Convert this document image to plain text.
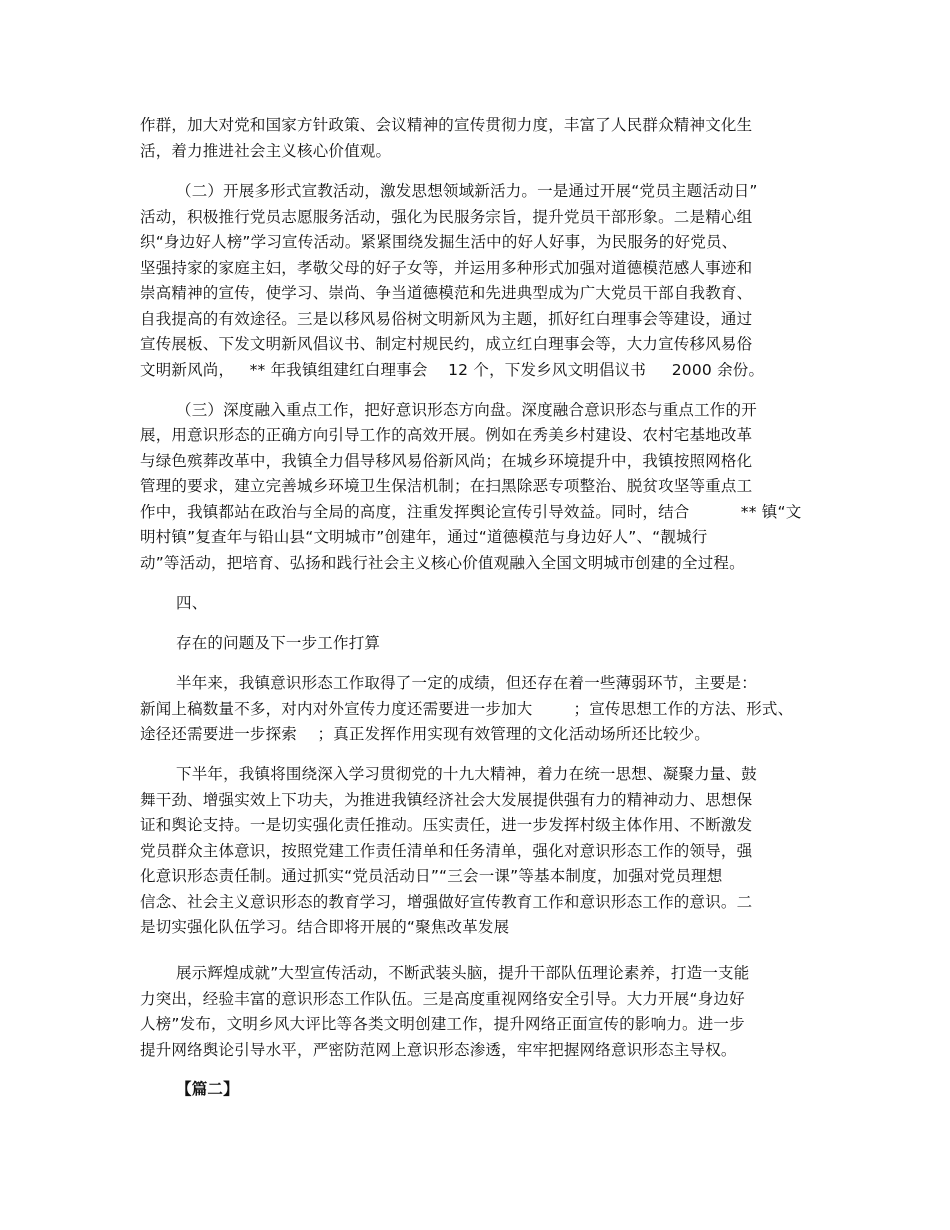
作群，加大对党和国家方针政策、会议精神的宣传贯彻力度，丰富了人民群众精神文化生
活，着力推进社会主义核心价值观。
（二）开展多形式宣教活动，激发思想领域新活力。一是通过开展“党员主题活动日”
活动，积极推行党员志愿服务活动，强化为民服务宗旨，提升党员干部形象。二是精心组
织“身边好人榜”学习宣传活动。紧紧围绕发掘生活中的好人好事，为民服务的好党员、
坚强持家的家庭主妇，孝敬父母的好子女等，并运用多种形式加强对道德模范感人事迹和
崇高精神的宣传，使学习、崇尚、争当道德模范和先进典型成为广大党员干部自我教育、
自我提高的有效途径。三是以移风易俗树文明新风为主题，抓好红白理事会等建设，通过
宣传展板、下发文明新风倡议书、制定村规民约，成立红白理事会等，大力宣传移风易俗
文明新风尚，   ** 年我镇组建红白理事会    12 个，下发乡风文明倡议书     2000 余份。
（三）深度融入重点工作，把好意识形态方向盘。深度融合意识形态与重点工作的开
展，用意识形态的正确方向引导工作的高效开展。例如在秀美乡村建设、农村宅基地改革
与绿色殡葬改革中，我镇全力倡导移风易俗新风尚；在城乡环境提升中，我镇按照网格化
管理的要求，建立完善城乡环境卫生保洁机制；在扫黑除恶专项整治、脱贫攻坚等重点工
作中，我镇都站在政治与全局的高度，注重发挥舆论宣传引导效益。同时，结合          ** 镇“文
明村镇”复查年与铅山县“文明城市”创建年，通过“道德模范与身边好人”、“靓城行
动”等活动，把培育、弘扬和践行社会主义核心价值观融入全国文明城市创建的全过程。
四、
存在的问题及下一步工作打算
半年来，我镇意识形态工作取得了一定的成绩，但还存在着一些薄弱环节，主要是：
新闻上稿数量不多，对内对外宣传力度还需要进一步加大        ；宣传思想工作的方法、形式、
途径还需要进一步探索    ；真正发挥作用实现有效管理的文化活动场所还比较少。
下半年，我镇将围绕深入学习贯彻党的十九大精神，着力在统一思想、凝聚力量、鼓
舞干劲、增强实效上下功夫，为推进我镇经济社会大发展提供强有力的精神动力、思想保
证和舆论支持。一是切实强化责任推动。压实责任，进一步发挥村级主体作用、不断激发
党员群众主体意识，按照党建工作责任清单和任务清单，强化对意识形态工作的领导，强
化意识形态责任制。通过抓实“党员活动日”“三会一课”等基本制度，加强对党员理想
信念、社会主义意识形态的教育学习，增强做好宣传教育工作和意识形态工作的意识。二
是切实强化队伍学习。结合即将开展的“聚焦改革发展
展示辉煌成就”大型宣传活动，不断武装头脑，提升干部队伍理论素养，打造一支能
力突出，经验丰富的意识形态工作队伍。三是高度重视网络安全引导。大力开展“身边好
人榜”发布，文明乡风大评比等各类文明创建工作，提升网络正面宣传的影响力。进一步
提升网络舆论引导水平，严密防范网上意识形态渗透，牢牢把握网络意识形态主导权。
【篇二】
